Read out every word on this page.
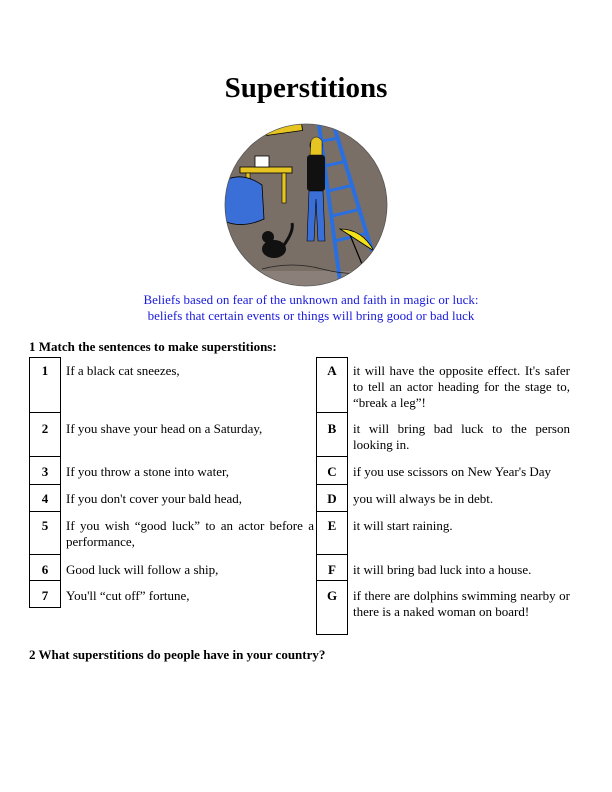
Superstitions
Beliefs based on fear of the unknown and faith in magic or luck:
beliefs that certain events or things will bring good or bad luck
1 Match the sentences to make superstitions:
1	If a black cat sneezes,
2	If you shave your head on a Saturday,
3	If you throw a stone into water,
4	If you don't cover your bald head,
5	If you wish “good luck” to an actor before a performance,
6	Good luck will follow a ship,
7	You'll “cut off” fortune,
A	it will have the opposite effect. It's safer to tell an actor heading for the stage to, “break a leg”!
B	it will bring bad luck to the person looking in.
C	if you use scissors on New Year's Day
D	you will always be in debt.
E	it will start raining.
F	it will bring bad luck into a house.
G	if there are dolphins swimming nearby or there is a naked woman on board!
2 What superstitions do people have in your country?
